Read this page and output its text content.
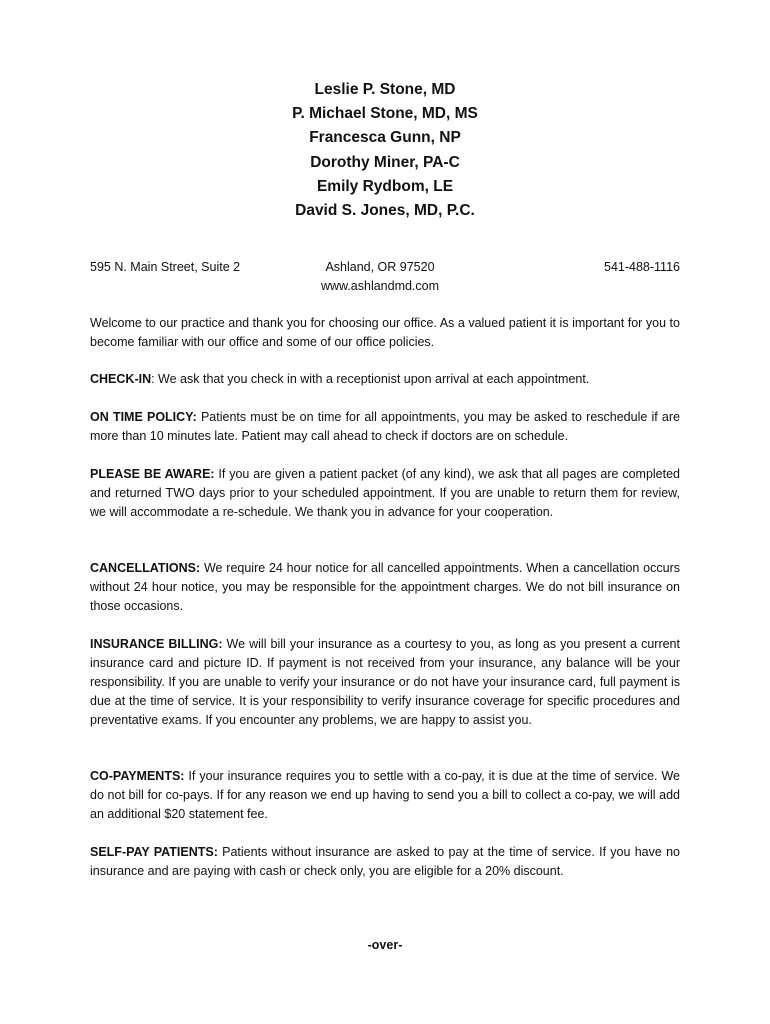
Leslie P. Stone, MD
P. Michael Stone, MD, MS
Francesca Gunn, NP
Dorothy Miner, PA-C
Emily Rydbom, LE
David S. Jones, MD, P.C.
595 N. Main Street, Suite 2	Ashland, OR 97520
www.ashlandmd.com
541-488-1116
Welcome to our practice and thank you for choosing our office. As a valued patient it is important for you to become familiar with our office and some of our office policies.
CHECK-IN: We ask that you check in with a receptionist upon arrival at each appointment.
ON TIME POLICY: Patients must be on time for all appointments, you may be asked to reschedule if are more than 10 minutes late. Patient may call ahead to check if doctors are on schedule.
PLEASE BE AWARE: If you are given a patient packet (of any kind), we ask that all pages are completed and returned TWO days prior to your scheduled appointment. If you are unable to return them for review, we will accommodate a re-schedule. We thank you in advance for your cooperation.
CANCELLATIONS: We require 24 hour notice for all cancelled appointments. When a cancellation occurs without 24 hour notice, you may be responsible for the appointment charges. We do not bill insurance on those occasions.
INSURANCE BILLING: We will bill your insurance as a courtesy to you, as long as you present a current insurance card and picture ID. If payment is not received from your insurance, any balance will be your responsibility. If you are unable to verify your insurance or do not have your insurance card, full payment is due at the time of service. It is your responsibility to verify insurance coverage for specific procedures and preventative exams. If you encounter any problems, we are happy to assist you.
CO-PAYMENTS: If your insurance requires you to settle with a co-pay, it is due at the time of service. We do not bill for co-pays. If for any reason we end up having to send you a bill to collect a co-pay, we will add an additional $20 statement fee.
SELF-PAY PATIENTS: Patients without insurance are asked to pay at the time of service. If you have no insurance and are paying with cash or check only, you are eligible for a 20% discount.
-over-
